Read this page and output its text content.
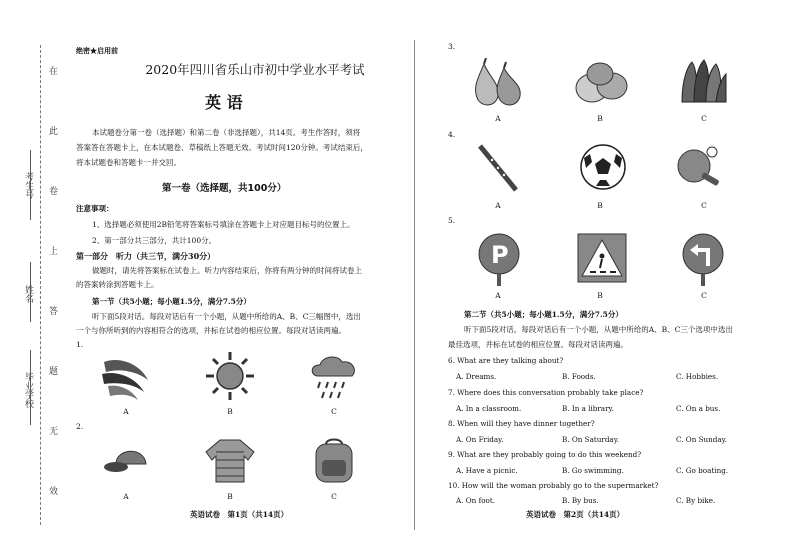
在
此
卷
上
答
题
无
效
考生号
姓名
毕业学校
绝密★启用前
2020年四川省乐山市初中学业水平考试
英 语
本试题卷分第一卷（选择题）和第二卷（非选择题），共14页。考生作答时，须将
答案答在答题卡上，在本试题卷、草稿纸上答题无效。考试时间120分钟。考试结束后，
将本试题卷和答题卡一并交回。
第一卷（选择题，共100分）
注意事项：
1、选择题必须使用2B铅笔将答案标号填涂在答题卡上对应题目标号的位置上。
2、第一部分共三部分，共计100分。
第一部分　听力（共三节，满分30分）
做题时，请先将答案标在试卷上。听力内容结束后，你将有两分钟的时间将试卷上
的答案转涂到答题卡上。
第一节（共5小题；每小题1.5分，满分7.5分）
听下面5段对话。每段对话后有一个小题，从题中所给的A、B、C三幅图中，选出
一个与你所听到的内容相符合的选项，并标在试卷的相应位置。每段对话读两遍。
1.
A	B	C
2.
A	B	C
英语试卷　第1页（共14页）
3.
A	B	C
4.
A	B	C
5.
P
A	B	C
第二节（共5小题；每小题1.5分，满分7.5分）
听下面5段对话。每段对话后有一个小题，从题中所给的A、B、C三个选项中选出
最佳选项，并标在试卷的相应位置。每段对话读两遍。
6. What are they talking about?
A. Dreams.	B. Foods.	C. Hobbies.
7. Where does this conversation probably take place?
A. In a classroom.	B. In a library.	C. On a bus.
8. When will they have dinner together?
A. On Friday.	B. On Saturday.	C. On Sunday.
9. What are they probably going to do this weekend?
A. Have a picnic.	B. Go swimming.	C. Go boating.
10. How will the woman probably go to the supermarket?
A. On foot.	B. By bus.	C. By bike.
英语试卷　第2页（共14页）
